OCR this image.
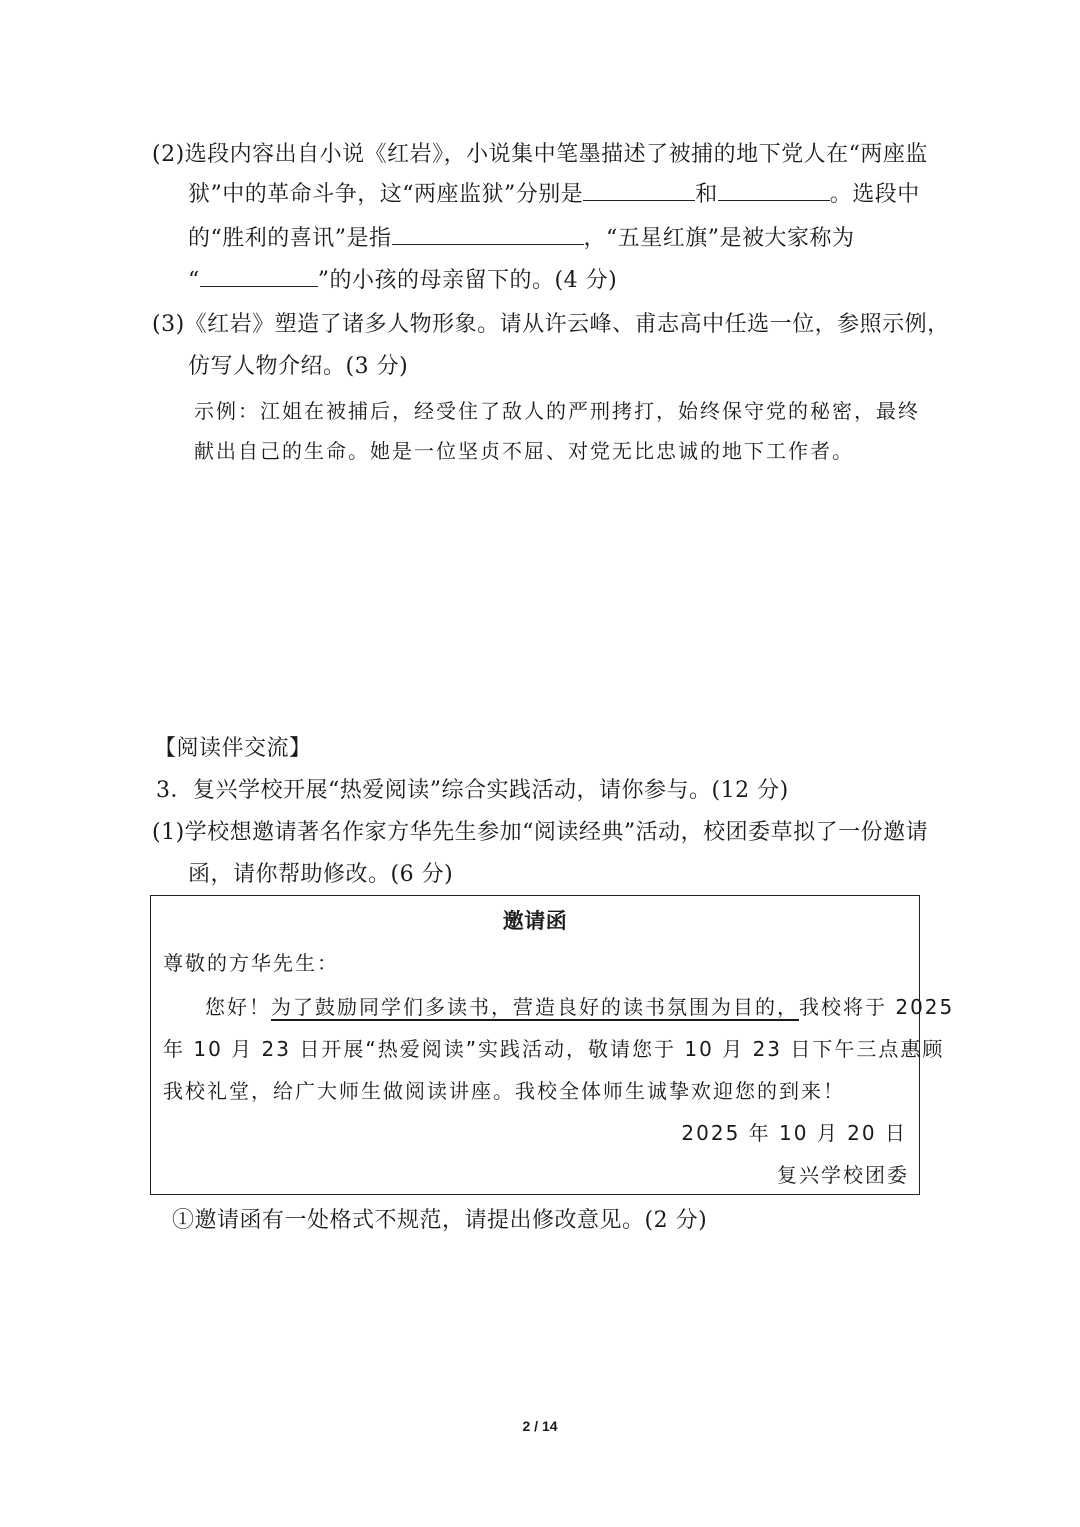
(2)选段内容出自小说《红岩》，小说集中笔墨描述了被捕的地下党人在“两座监
狱”中的革命斗争，这“两座监狱”分别是	和	。选段中
的“胜利的喜讯”是指	，“五星红旗”是被大家称为
“	”的小孩的母亲留下的。(4 分)
(3)《红岩》塑造了诸多人物形象。请从许云峰、甫志高中任选一位，参照示例，
仿写人物介绍。(3 分)
示例：江姐在被捕后，经受住了敌人的严刑拷打，始终保守党的秘密，最终
献出自己的生命。她是一位坚贞不屈、对党无比忠诚的地下工作者。
【阅读伴交流】
3．复兴学校开展“热爱阅读”综合实践活动，请你参与。(12 分)
(1)学校想邀请著名作家方华先生参加“阅读经典”活动，校团委草拟了一份邀请
函，请你帮助修改。(6 分)
邀请函
尊敬的方华先生：
您好！为了鼓励同学们多读书，营造良好的读书氛围为目的，我校将于 2025
年 10 月 23 日开展“热爱阅读”实践活动，敬请您于 10 月 23 日下午三点惠顾
我校礼堂，给广大师生做阅读讲座。我校全体师生诚挚欢迎您的到来！
2025 年 10 月 20 日
复兴学校团委
①邀请函有一处格式不规范，请提出修改意见。(2 分)
2 / 14
